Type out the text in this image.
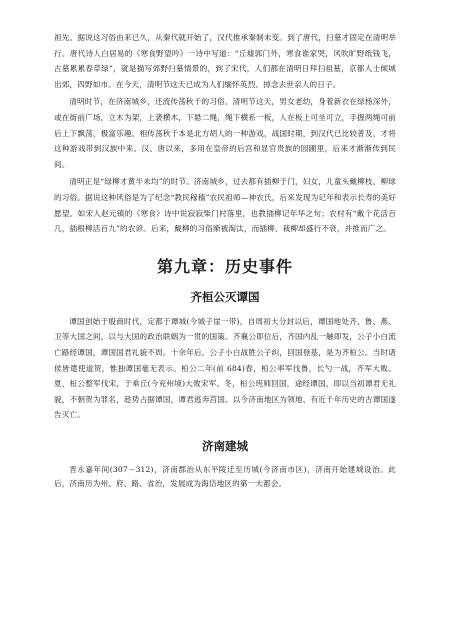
祖先。据说这习俗由来已久，从秦代就开始了，汉代推承秦制未变。到了唐代，扫墓才固定在清明举行。唐代诗人白居易的《寒食野望吟》一诗中写道：“丘墟郭门外，寒食谁家哭，风吹旷野纸钱飞，古墓累累春草绿”，就是描写郊野扫墓情景的，到了宋代，人们都在清明日拜扫祖墓，京都人士倾城出郊，四野如市。在今天，清明节这天已成为人们缅怀英烈、掉念去世亲人的日子。

清明时节，在济南城乡，还流传荡秋千的习俗。清明节这天，男女老幼，身着新衣在绿杨深外，或在街前广场，立木为架，上袭横木，下悬二绳，绳下横系一板，人在板上可坐可立，手握两绳可前后上下飘荡，极富乐趣。相传荡秋千本是北方胡人的一种游戏，战国时期，到汉代已比较普及，才将这种游戏带到汉族中来。汉、唐以来，多用在皇帝的后宫和显官贵族的园圃里，后来才渐渐传到民间。

清明正是“绿柳才黄半未均”的时节。济南城乡，过去都有插柳于门，妇女，儿童头戴柳枝，柳球的习俗。据说这种风俗是为了纪念“教民稼穑”农民祖师—神农氏，后来发现为记年和表示长寿的美好愿望。如宋人赵元镇的《寒食》诗中说寂寂柴门村落里，也教插柳记年华之句；农村有“戴个花活百几，插根柳活百九”的农谚。后来，戴柳的习俗渐被淘汰，而插柳、栽柳却盛行不衰，并推而广之。

第九章：历史事件
齐桓公灭谭国

谭国创始于殷商时代，定都于谭城(今城子崖一带)，自周初大分封以后，谭国地处齐、鲁、燕、卫等大国之间，以与大国的政治联姻为一贯的国策。齐襄公即位后，齐国内乱一触即发，公子小白流亡路经谭国，谭国国君礼貌不周。十余年后，公子小白战胜公子纠，回国登基，是为齐桓公。当时诸侯皆遣使道贺，惟独谭国毫无表示。桓公二年(前 684)春，桓公率军伐鲁，长勺一战，齐军大败。夏，桓公整军伐宋，于乘丘(今兖州境)大败宋军。冬，桓公班师回国，途经谭国，即以当初谭君无礼貌，不朝贺为罪名，趁势占据谭国，谭君逃奔莒国。以今济南地区为领地、有近千年历史的古谭国遂告灭亡。

济南建城

晋永嘉年间(307－312)，济南郡治从东平陵迁至历城(今济南市区)，济南开始建城设治。此后，济南历为州、府、路、省治，发展成为海岱地区的第一大都会。
